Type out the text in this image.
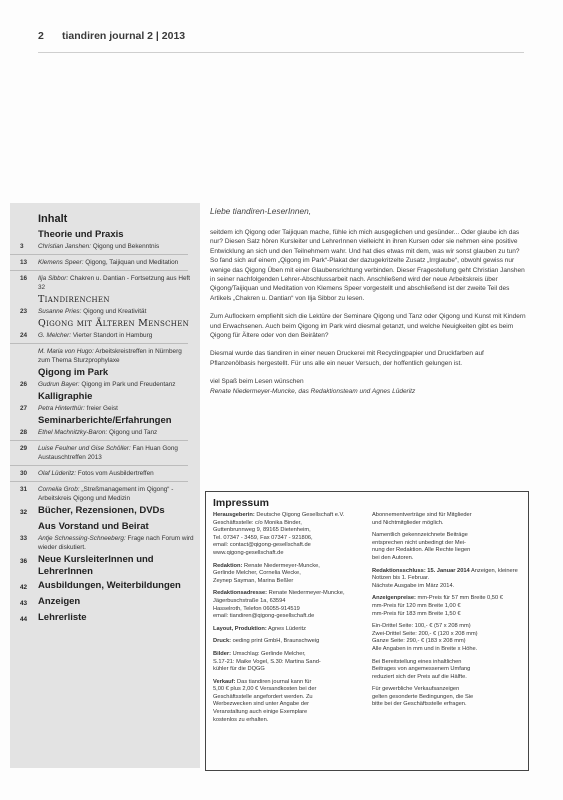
2 tiandiren journal 2 | 2013
Inhalt
Theorie und Praxis
3	Christian Janshen: Qigong und Bekenntnis
13	Klemens Speer: Qigong, Taijiquan und Meditation
16	Ilja Sibbor: Chakren u. Dantian - Fortsetzung aus Heft 32
Tiandirenchen
23	Susanne Pries: Qigong und Kreativität
Qigong mit Älteren Menschen
24	G. Melcher: Vierter Standort in Hamburg
M. Maria von Hugo: Arbeitskreistreffen in Nürnberg zum Thema Sturzprophylaxe
Qigong im Park
26	Gudrun Bayer: Qigong im Park und Freudentanz
Kalligraphie
27	Petra Hinterthür: freier Geist
Seminarberichte/Erfahrungen
28	Ethel Machnitzky-Baron: Qigong und Tanz
29	Luise Feulner und Gise Schöller: Fan Huan Gong Austauschtreffen 2013
30	Olaf Lüderitz: Fotos vom Ausbildertreffen
31	Cornelia Grob: „Streßmanagement im Qigong“ - Arbeitskreis Qigong und Medizin
32	Bücher, Rezensionen, DVDs
Aus Vorstand und Beirat
33	Antje Schnessing-Schneeberg: Frage nach Forum wird wieder diskutiert.
36	Neue KursleiterInnen und LehrerInnen
42	Ausbildungen, Weiterbildungen
43	Anzeigen
44	Lehrerliste
Liebe tiandiren-LeserInnen,

seitdem ich Qigong oder Taijiquan mache, fühle ich mich ausgeglichen und gesünder... Oder glaube ich das nur? Diesen Satz hören Kursleiter und LehrerInnen vielleicht in ihren Kursen oder sie nehmen eine positive Entwicklung an sich und den Teilnehmern wahr. Und hat dies etwas mit dem, was wir sonst glauben zu tun? So fand sich auf einem „Qigong im Park“-Plakat der dazugekritzelte Zusatz „Irrglaube“, obwohl gewiss nur wenige das Qigong Üben mit einer Glaubensrichtung verbinden. Dieser Fragestellung geht Christian Janshen in seiner nachfolgenden Lehrer-Abschlussarbeit nach. Anschließend wird der neue Arbeitskreis über Qigong/Taijiquan und Meditation von Klemens Speer vorgestellt und abschließend ist der zweite Teil des Artikels „Chakren u. Dantian“ von Ilja Sibbor zu lesen.

Zum Auflockern empfiehlt sich die Lektüre der Seminare Qigong und Tanz oder Qigong und Kunst mit Kindern und Erwachsenen. Auch beim Qigong im Park wird diesmal getanzt, und welche Neuigkeiten gibt es beim Qigong für Ältere oder von den Beiräten?

Diesmal wurde das tiandiren in einer neuen Druckerei mit Recyclingpapier und Druckfarben auf Pflanzenölbasis hergestellt. Für uns alle ein neuer Versuch, der hoffentlich gelungen ist.

viel Spaß beim Lesen wünschen
Renate Niedermeyer-Muncke, das Redaktionsteam und Agnes Lüderitz
Impressum
Herausgeberin: Deutsche Qigong Gesellschaft e.V.
Geschäftsstelle: c/o Monika Binder,
Guttenbrunnweg 9, 89165 Dietenheim,
Tel. 07347 - 3459, Fax 07347 - 921806,
email: contact@qigong-gesellschaft.de
www.qigong-gesellschaft.de
Redaktion: Renate Niedermeyer-Muncke,
Gerlinde Melcher, Cornelia Wecke,
Zeynep Sayman, Marina Beßler
Redaktionsadresse: Renate Niedermeyer-Muncke, Jägerbuschstraße 1a, 63594
Hasselroth, Telefon 06055-914519
email: tiandiren@qigong-gesellschaft.de
Layout, Produktion: Agnes Lüderitz
Druck: oeding print GmbH, Braunschweig
Bilder: Umschlag: Gerlinde Melcher,
S.17-21: Maike Vogel, S.30: Martina Sand-
kühler für die DQGG
Verkauf: Das tiandiren journal kann für
5,00 € plus 2,00 € Versandkosten bei der
Geschäftsstelle angefordert werden. Zu
Werbezwecken sind unter Angabe der
Veranstaltung auch einige Exemplare
kostenlos zu erhalten.
Abonnementverträge sind für Mitglieder
und Nichtmitglieder möglich.
Namentlich gekennzeichnete Beiträge
entsprechen nicht unbedingt der Mei-
nung der Redaktion. Alle Rechte liegen
bei den Autoren.
Redaktionsschluss: 15. Januar 2014 Anzeigen, kleinere Notizen bis 1. Februar.
Nächste Ausgabe im März 2014.
Anzeigenpreise: mm-Preis für 57 mm Breite 0,50 €
mm-Preis für 120 mm Breite 1,00 €
mm-Preis für 183 mm Breite 1,50 €
Ein-Drittel Seite: 100,- € (57 x 208 mm)
Zwei-Drittel Seite: 200,- € (120 x 208 mm)
Ganze Seite: 290,- € (183 x 208 mm)
Alle Angaben in mm und in Breite x Höhe.
Bei Bereitstellung eines inhaltlichen
Beitrages von angemessenem Umfang
reduziert sich der Preis auf die Hälfte.
Für gewerbliche Verkaufsanzeigen
gelten gesonderte Bedingungen, die Sie
bitte bei der Geschäftsstelle erfragen.
